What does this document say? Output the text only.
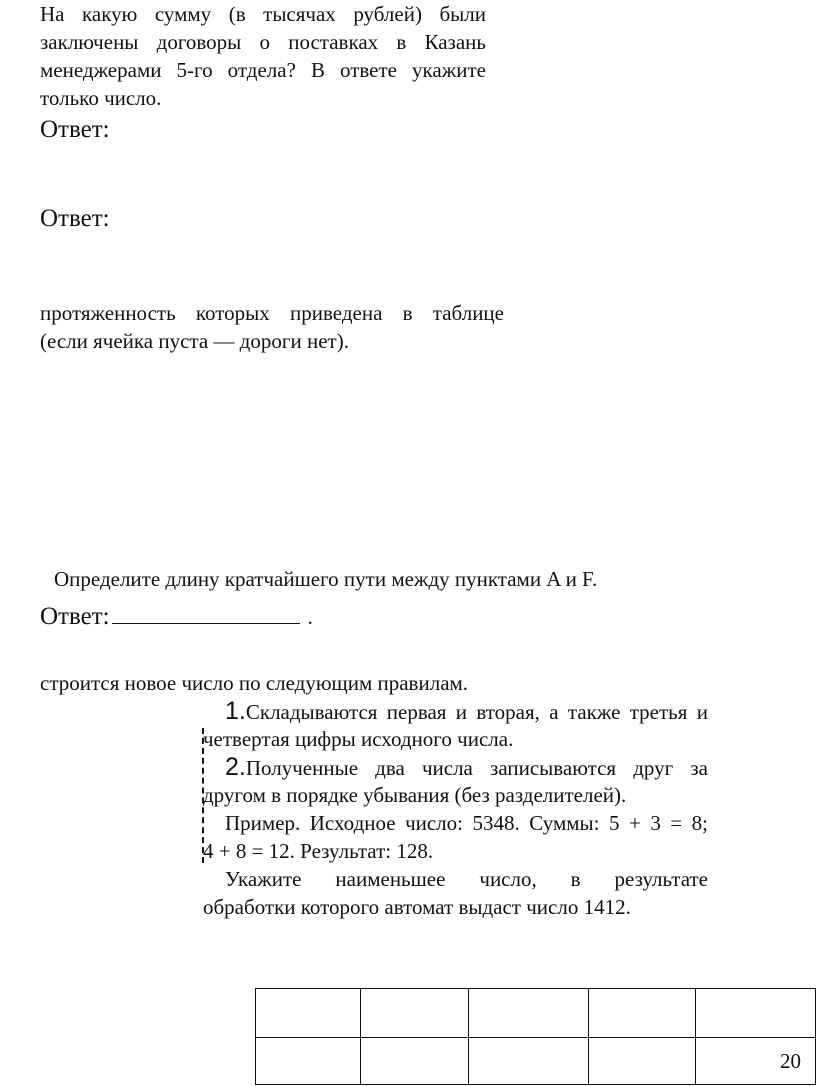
На какую сумму (в тысячах рублей) были
заключены договоры о поставках в Казань
менеджерами 5-го отдела? В ответе укажите
только число.
Ответ:
Ответ:
протяженность которых приведена в таблице
(если ячейка пуста — дороги нет).
Определите длину кратчайшего пути между пунктами A и F.
Ответ:	.
строится новое число по следующим правилам.
1.Складываются первая и вторая, а также третья и
четвертая цифры исходного числа.
2.Полученные два числа записываются друг за
другом в порядке убывания (без разделителей).
Пример. Исходное число: 5348. Суммы: 5 + 3 = 8;
4 + 8 = 12. Результат: 128.
Укажите наименьшее число, в результате
обработки которого автомат выдаст число 1412.

				20
